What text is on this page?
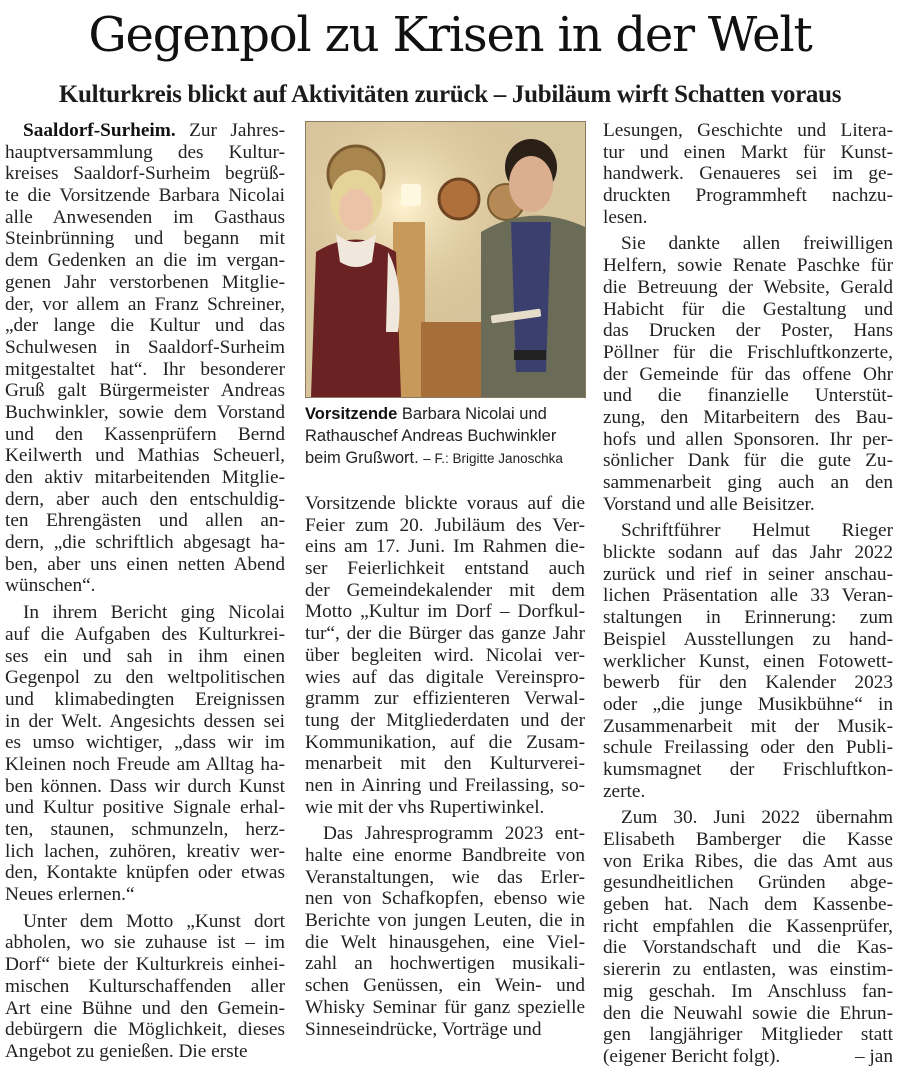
Gegenpol zu Krisen in der Welt
Kulturkreis blickt auf Aktivitäten zurück – Jubiläum wirft Schatten voraus
Saaldorf-Surheim. Zur Jahres-
hauptversammlung des Kultur-
kreises Saaldorf-Surheim begrüß-
te die Vorsitzende Barbara Nicolai
alle Anwesenden im Gasthaus
Steinbrünning und begann mit
dem Gedenken an die im vergan-
genen Jahr verstorbenen Mitglie-
der, vor allem an Franz Schreiner,
„der lange die Kultur und das
Schulwesen in Saaldorf-Surheim
mitgestaltet hat“. Ihr besonderer
Gruß galt Bürgermeister Andreas
Buchwinkler, sowie dem Vorstand
und den Kassenprüfern Bernd
Keilwerth und Mathias Scheuerl,
den aktiv mitarbeitenden Mitglie-
dern, aber auch den entschuldig-
ten Ehrengästen und allen an-
dern, „die schriftlich abgesagt ha-
ben, aber uns einen netten Abend
wünschen“.
In ihrem Bericht ging Nicolai
auf die Aufgaben des Kulturkrei-
ses ein und sah in ihm einen
Gegenpol zu den weltpolitischen
und klimabedingten Ereignissen
in der Welt. Angesichts dessen sei
es umso wichtiger, „dass wir im
Kleinen noch Freude am Alltag ha-
ben können. Dass wir durch Kunst
und Kultur positive Signale erhal-
ten, staunen, schmunzeln, herz-
lich lachen, zuhören, kreativ wer-
den, Kontakte knüpfen oder etwas
Neues erlernen.“
Unter dem Motto „Kunst dort
abholen, wo sie zuhause ist – im
Dorf“ biete der Kulturkreis einhei-
mischen Kulturschaffenden aller
Art eine Bühne und den Gemein-
debürgern die Möglichkeit, dieses
Angebot zu genießen. Die erste
Vorsitzende Barbara Nicolai und
Rathauschef Andreas Buchwinkler
beim Grußwort. – F.: Brigitte Janoschka
Vorsitzende blickte voraus auf die
Feier zum 20. Jubiläum des Ver-
eins am 17. Juni. Im Rahmen die-
ser Feierlichkeit entstand auch
der Gemeindekalender mit dem
Motto „Kultur im Dorf – Dorfkul-
tur“, der die Bürger das ganze Jahr
über begleiten wird. Nicolai ver-
wies auf das digitale Vereinspro-
gramm zur effizienteren Verwal-
tung der Mitgliederdaten und der
Kommunikation, auf die Zusam-
menarbeit mit den Kulturverei-
nen in Ainring und Freilassing, so-
wie mit der vhs Rupertiwinkel.
Das Jahresprogramm 2023 ent-
halte eine enorme Bandbreite von
Veranstaltungen, wie das Erler-
nen von Schafkopfen, ebenso wie
Berichte von jungen Leuten, die in
die Welt hinausgehen, eine Viel-
zahl an hochwertigen musikali-
schen Genüssen, ein Wein- und
Whisky Seminar für ganz spezielle
Sinneseindrücke, Vorträge und
Lesungen, Geschichte und Litera-
tur und einen Markt für Kunst-
handwerk. Genaueres sei im ge-
druckten Programmheft nachzu-
lesen.
Sie dankte allen freiwilligen
Helfern, sowie Renate Paschke für
die Betreuung der Website, Gerald
Habicht für die Gestaltung und
das Drucken der Poster, Hans
Pöllner für die Frischluftkonzerte,
der Gemeinde für das offene Ohr
und die finanzielle Unterstüt-
zung, den Mitarbeitern des Bau-
hofs und allen Sponsoren. Ihr per-
sönlicher Dank für die gute Zu-
sammenarbeit ging auch an den
Vorstand und alle Beisitzer.
Schriftführer Helmut Rieger
blickte sodann auf das Jahr 2022
zurück und rief in seiner anschau-
lichen Präsentation alle 33 Veran-
staltungen in Erinnerung: zum
Beispiel Ausstellungen zu hand-
werklicher Kunst, einen Fotowett-
bewerb für den Kalender 2023
oder „die junge Musikbühne“ in
Zusammenarbeit mit der Musik-
schule Freilassing oder den Publi-
kumsmagnet der Frischluftkon-
zerte.
Zum 30. Juni 2022 übernahm
Elisabeth Bamberger die Kasse
von Erika Ribes, die das Amt aus
gesundheitlichen Gründen abge-
geben hat. Nach dem Kassenbe-
richt empfahlen die Kassenprüfer,
die Vorstandschaft und die Kas-
siererin zu entlasten, was einstim-
mig geschah. Im Anschluss fan-
den die Neuwahl sowie die Ehrun-
gen langjähriger Mitglieder statt
(eigener Bericht folgt).	– jan
